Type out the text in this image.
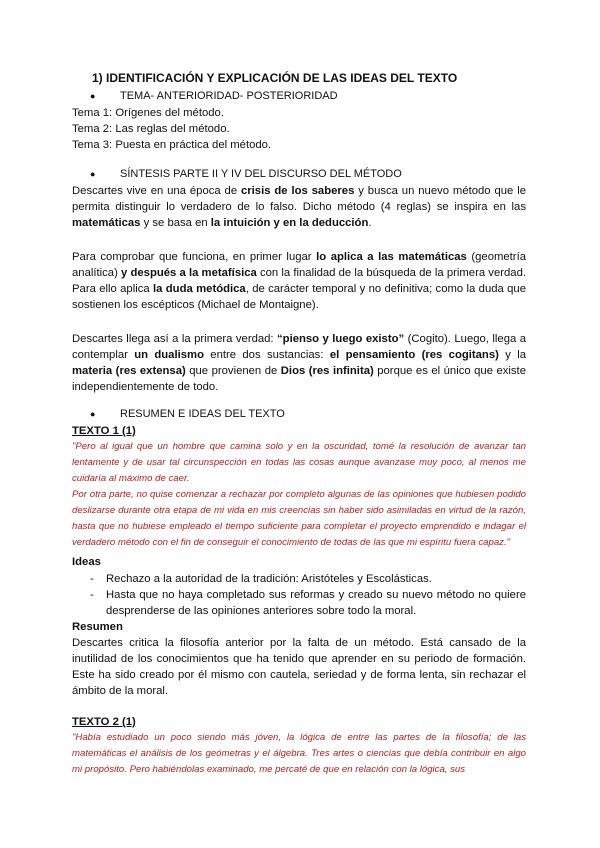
1) IDENTIFICACIÓN Y EXPLICACIÓN DE LAS IDEAS DEL TEXTO
● TEMA- ANTERIORIDAD- POSTERIORIDAD
Tema 1: Orígenes del método.
Tema 2: Las reglas del método.
Tema 3: Puesta en práctica del método.
● SÍNTESIS PARTE II Y IV DEL DISCURSO DEL MÉTODO
Descartes vive en una época de crisis de los saberes y busca un nuevo método que le permita distinguir lo verdadero de lo falso. Dicho método (4 reglas) se inspira en las matemáticas y se basa en la intuición y en la deducción.
Para comprobar que funciona, en primer lugar lo aplica a las matemáticas (geometría analítica) y después a la metafísica con la finalidad de la búsqueda de la primera verdad. Para ello aplica la duda metódica, de carácter temporal y no definitiva; como la duda que sostienen los escépticos (Michael de Montaigne).
Descartes llega así a la primera verdad: “pienso y luego existo” (Cogito). Luego, llega a contemplar un dualismo entre dos sustancias: el pensamiento (res cogitans) y la materia (res extensa) que provienen de Dios (res infinita) porque es el único que existe independientemente de todo.
● RESUMEN E IDEAS DEL TEXTO
TEXTO 1 (1)
"Pero al igual que un hombre que camina solo y en la oscuridad, tomé la resolución de avanzar tan lentamente y de usar tal circunspección en todas las cosas aunque avanzase muy poco, al menos me cuidaría al máximo de caer.
Por otra parte, no quise comenzar a rechazar por completo algunas de las opiniones que hubiesen podido deslizarse durante otra etapa de mi vida en mis creencias sin haber sido asimiladas en virtud de la razón, hasta que no hubiese empleado el tiempo suficiente para completar el proyecto emprendido e indagar el verdadero método con el fin de conseguir el conocimiento de todas de las que mi espíritu fuera capaz."
Ideas
- Rechazo a la autoridad de la tradición: Aristóteles y Escolásticas.
- Hasta que no haya completado sus reformas y creado su nuevo método no quiere desprenderse de las opiniones anteriores sobre todo la moral.
Resumen
Descartes critica la filosofía anterior por la falta de un método. Está cansado de la inutilidad de los conocimientos que ha tenido que aprender en su periodo de formación. Este ha sido creado por él mismo con cautela, seriedad y de forma lenta, sin rechazar el ámbito de la moral.
TEXTO 2 (1)
"Había estudiado un poco siendo más jóven, la lógica de entre las partes de la filosofía; de las matemáticas el análisis de los geómetras y el álgebra. Tres artes o ciencias que debía contribuir en algo mi propósito. Pero habiéndolas examinado, me percaté de que en relación con la lógica, sus
